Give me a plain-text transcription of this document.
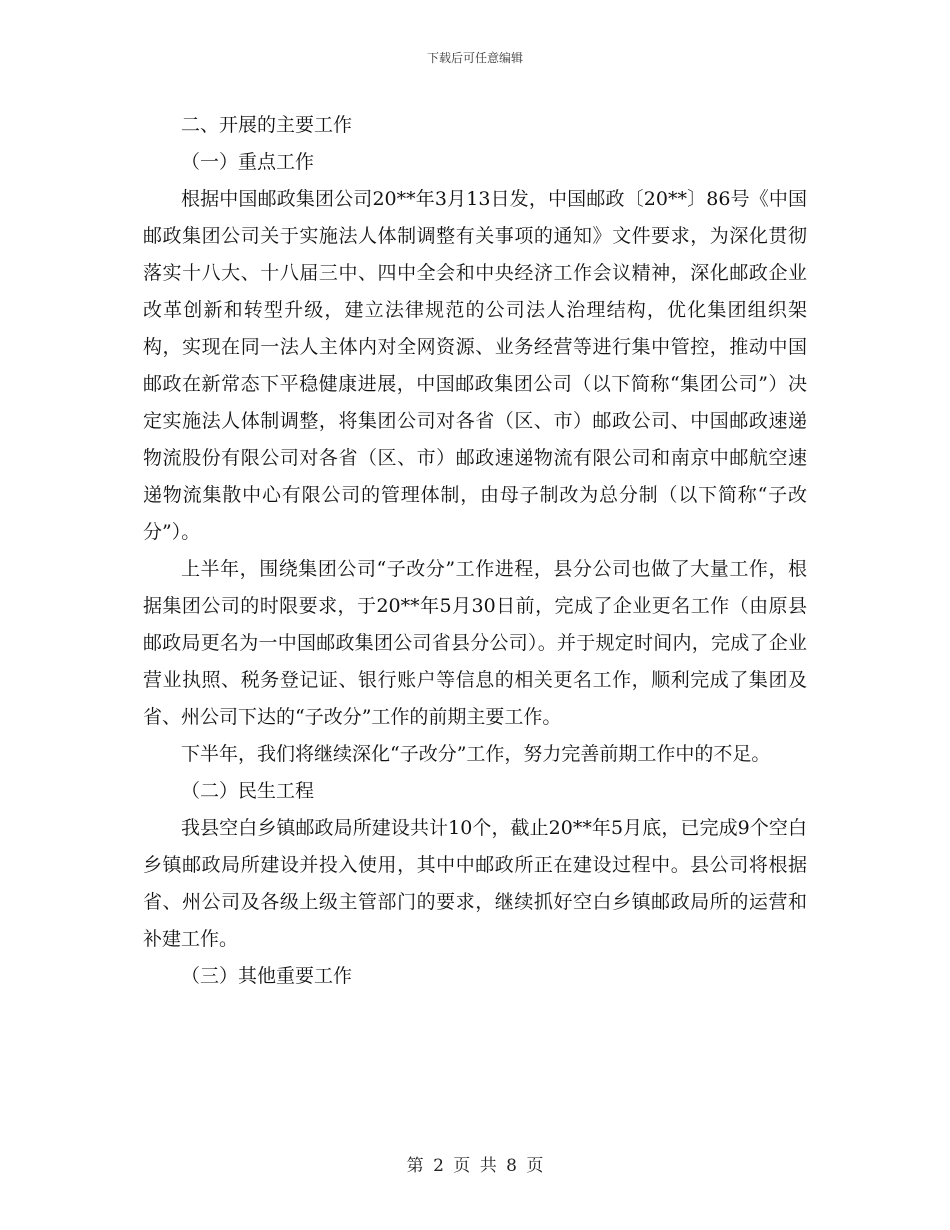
下载后可任意编辑

二、开展的主要工作

（一）重点工作

根据中国邮政集团公司20**年3月13日发，中国邮政〔20**〕86号《中国邮政集团公司关于实施法人体制调整有关事项的通知》文件要求，为深化贯彻落实十八大、十八届三中、四中全会和中央经济工作会议精神，深化邮政企业改革创新和转型升级，建立法律规范的公司法人治理结构，优化集团组织架构，实现在同一法人主体内对全网资源、业务经营等进行集中管控，推动中国邮政在新常态下平稳健康进展，中国邮政集团公司（以下简称“集团公司”）决定实施法人体制调整，将集团公司对各省（区、市）邮政公司、中国邮政速递物流股份有限公司对各省（区、市）邮政速递物流有限公司和南京中邮航空速递物流集散中心有限公司的管理体制，由母子制改为总分制（以下简称“子改分”）。

上半年，围绕集团公司“子改分”工作进程，县分公司也做了大量工作，根据集团公司的时限要求，于20**年5月30日前，完成了企业更名工作（由原县邮政局更名为一中国邮政集团公司省县分公司）。并于规定时间内，完成了企业营业执照、税务登记证、银行账户等信息的相关更名工作，顺利完成了集团及省、州公司下达的“子改分”工作的前期主要工作。

下半年，我们将继续深化“子改分”工作，努力完善前期工作中的不足。

（二）民生工程

我县空白乡镇邮政局所建设共计10个，截止20**年5月底，已完成9个空白乡镇邮政局所建设并投入使用，其中中邮政所正在建设过程中。县公司将根据省、州公司及各级上级主管部门的要求，继续抓好空白乡镇邮政局所的运营和补建工作。

（三）其他重要工作

第 2 页 共 8 页
